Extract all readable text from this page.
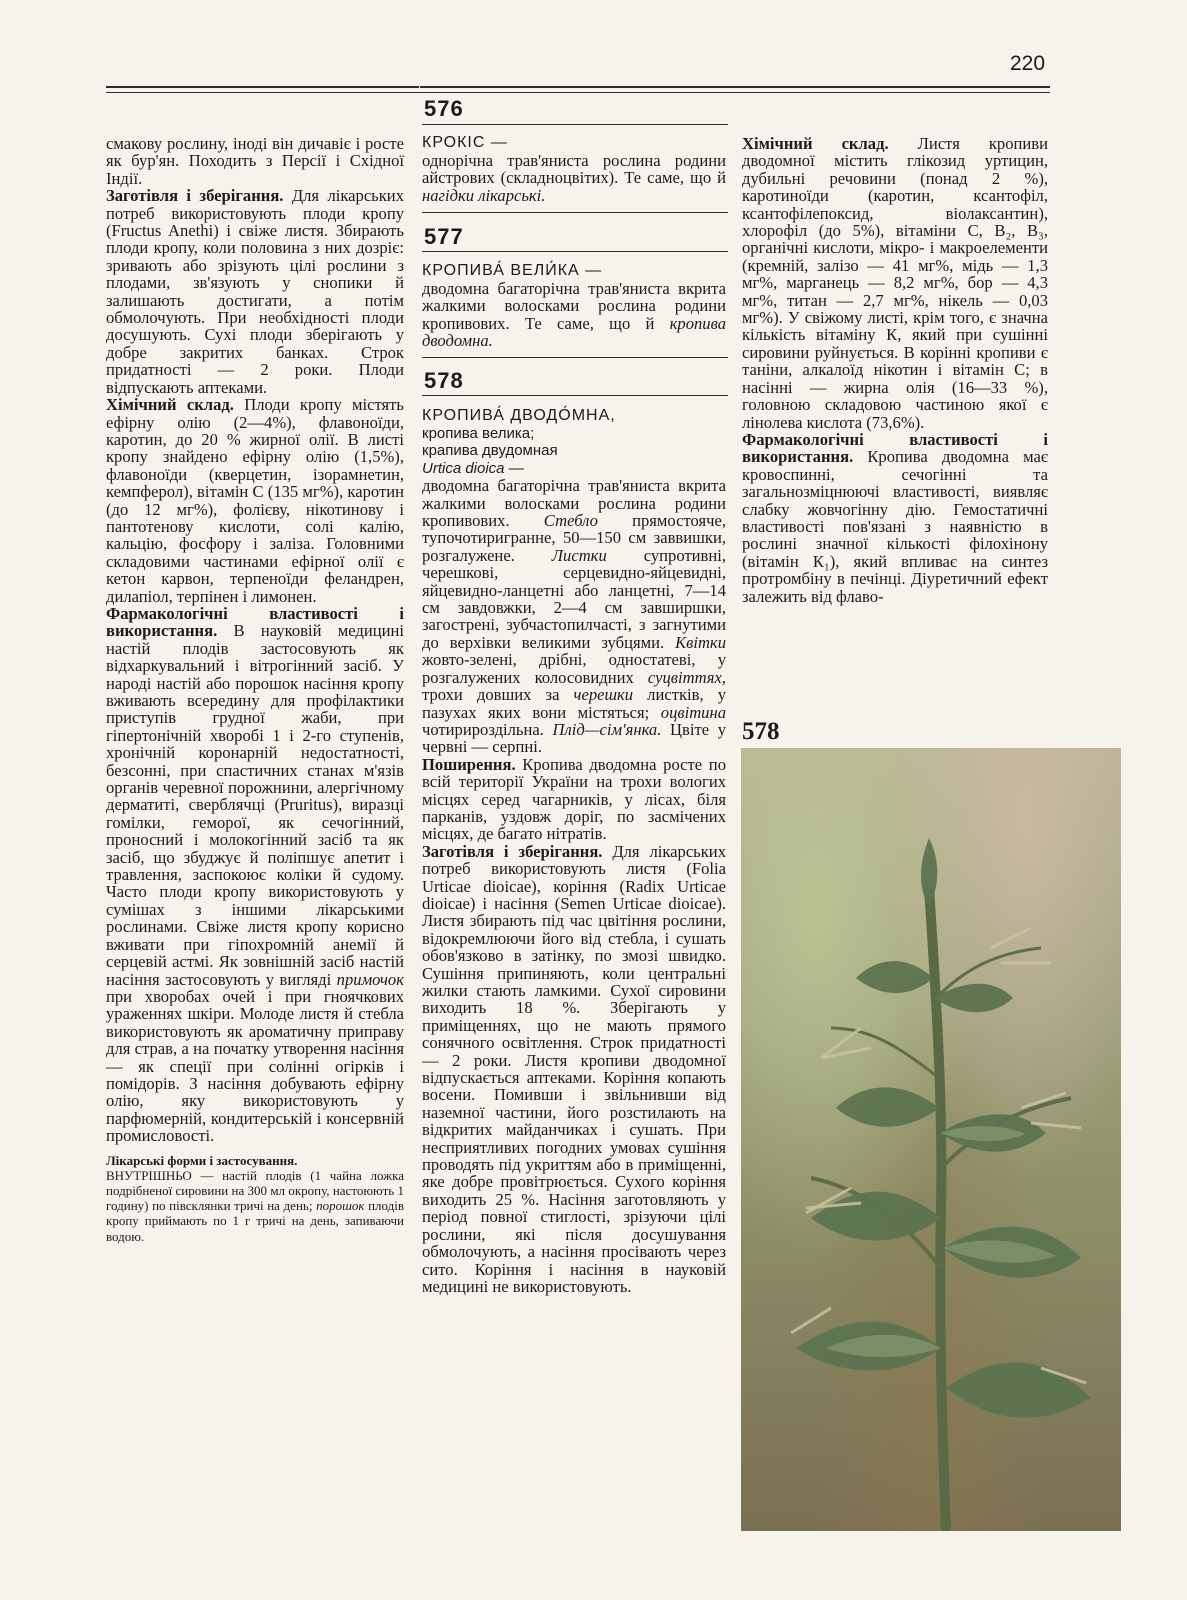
220
576

смакову рослину, іноді він дичавіє і росте як бур'ян. Походить з Персії і Східної Індії.

Заготівля і зберігання. Для лікарських потреб використовують плоди кропу (Fructus Anethi) і свіже листя. Збирають плоди кропу, коли половина з них дозріє: зривають або зрізують цілі рослини з плодами, зв'язують у снопики й залишають достигати, а потім обмолочують. При необхідності плоди досушують. Сухі плоди зберігають у добре закритих банках. Строк придатності — 2 роки. Плоди відпускають аптеками.

Хімічний склад. Плоди кропу містять ефірну олію (2—4%), флавоноїди, каротин, до 20 % жирної олії. В листі кропу знайдено ефірну олію (1,5%), флавоноїди (кверцетин, ізорамнетин, кемпферол), вітамін С (135 мг%), каротин (до 12 мг%), фолієву, нікотинову і пантотенову кислоти, солі калію, кальцію, фосфору і заліза. Головними складовими частинами ефірної олії є кетон карвон, терпеноїди феландрен, дилапіол, терпінен і лимонен.

Фармакологічні властивості і використання. В науковій медицині настій плодів застосовують як відхаркувальний і вітрогінний засіб. У народі настій або порошок насіння кропу вживають всередину для профілактики приступів грудної жаби, при гіпертонічній хворобі 1 і 2-го ступенів, хронічній коронарній недостатності, безсонні, при спастичних станах м'язів органів черевної порожнини, алергічному дерматиті, сверблячці (Pruritus), виразці гомілки, геморої, як сечогінний, проносний і молокогінний засіб та як засіб, що збуджує й поліпшує апетит і травлення, заспокоює коліки й судому. Часто плоди кропу використовують у сумішах з іншими лікарськими рослинами. Свіже листя кропу корисно вживати при гіпохромній анемії й серцевій астмі. Як зовнішній засіб настій насіння застосовують у вигляді примочок при хворобах очей і при гноячкових ураженнях шкіри. Молоде листя й стебла використовують як ароматичну приправу для страв, а на початку утворення насіння — як спеції при солінні огірків і помідорів. З насіння добувають ефірну олію, яку використовують у парфюмерній, кондитерській і консервній промисловості.

Лікарські форми і застосування.
ВНУТРІШНЬО — настій плодів (1 чайна ложка подрібненої сировини на 300 мл окропу, настоюють 1 годину) по півсклянки тричі на день; порошок плодів кропу приймають по 1 г тричі на день, запиваючи водою.

КРОКІС —

однорічна трав'яниста рослина родини айстрових (складноцвітих). Те саме, що й нагідки лікарські.

577

КРОПИВА́ ВЕЛИ́КА —

дводомна багаторічна трав'яниста вкрита жалкими волосками рослина родини кропивових. Те саме, що й кропива дводомна.

578

КРОПИВА́ ДВОДО́МНА,

кропива велика;

крапива двудомная

Urtica dioica —

дводомна багаторічна трав'яниста вкрита жалкими волосками рослина родини кропивових. Стебло прямостояче, тупочотиригранне, 50—150 см заввишки, розгалужене. Листки супротивні, черешкові, серцевидно-яйцевидні, яйцевидно-ланцетні або ланцетні, 7—14 см завдовжки, 2—4 см завширшки, загострені, зубчастопилчасті, з загнутими до верхівки великими зубцями. Квітки жовто-зелені, дрібні, одностатеві, у розгалужених колосовидних суцвіттях, трохи довших за черешки листків, у пазухах яких вони містяться; оцвітина чотирироздільна. Плід—сім'янка. Цвіте у червні — серпні.

Поширення. Кропива дводомна росте по всій території України на трохи вологих місцях серед чагарників, у лісах, біля парканів, уздовж доріг, по засмічених місцях, де багато нітратів.

Заготівля і зберігання. Для лікарських потреб використовують листя (Folia Urticae dioicae), коріння (Radix Urticae dioicae) і насіння (Semen Urticae dioicae). Листя збирають під час цвітіння рослини, відокремлюючи його від стебла, і сушать обов'язково в затінку, по змозі швидко. Сушіння припиняють, коли центральні жилки стають ламкими. Сухої сировини виходить 18 %. Зберігають у приміщеннях, що не мають прямого сонячного освітлення. Строк придатності — 2 роки. Листя кропиви дводомної відпускається аптеками. Коріння копають восени. Помивши і звільнивши від наземної частини, його розстилають на відкритих майданчиках і сушать. При несприятливих погодних умовах сушіння проводять під укриттям або в приміщенні, яке добре провітрюється. Сухого коріння виходить 25 %. Насіння заготовляють у період повної стиглості, зрізуючи цілі рослини, які після досушування обмолочують, а насіння просівають через сито. Коріння і насіння в науковій медицині не використовують.

Хімічний склад. Листя кропиви дводомної містить глікозид уртицин, дубильні речовини (понад 2 %), каротиноїди (каротин, ксантофіл, ксантофілепоксид, віолаксантин), хлорофіл (до 5%), вітаміни С, В₂, В₃, органічні кислоти, мікро- і макроелементи (кремній, залізо — 41 мг%, мідь — 1,3 мг%, марганець — 8,2 мг%, бор — 4,3 мг%, титан — 2,7 мг%, нікель — 0,03 мг%). У свіжому листі, крім того, є значна кількість вітаміну К, який при сушінні сировини руйнується. В корінні кропиви є таніни, алкалоїд нікотин і вітамін С; в насінні — жирна олія (16—33 %), головною складовою частиною якої є лінолева кислота (73,6%).

Фармакологічні властивості і використання. Кропива дводомна має кровоспинні, сечогінні та загальнозміцнюючі властивості, виявляє слабку жовчогінну дію. Гемостатичні властивості пов'язані з наявністю в рослині значної кількості філохінону (вітамін К₁), який впливає на синтез протромбіну в печінці. Діуретичний ефект залежить від флаво-

578
